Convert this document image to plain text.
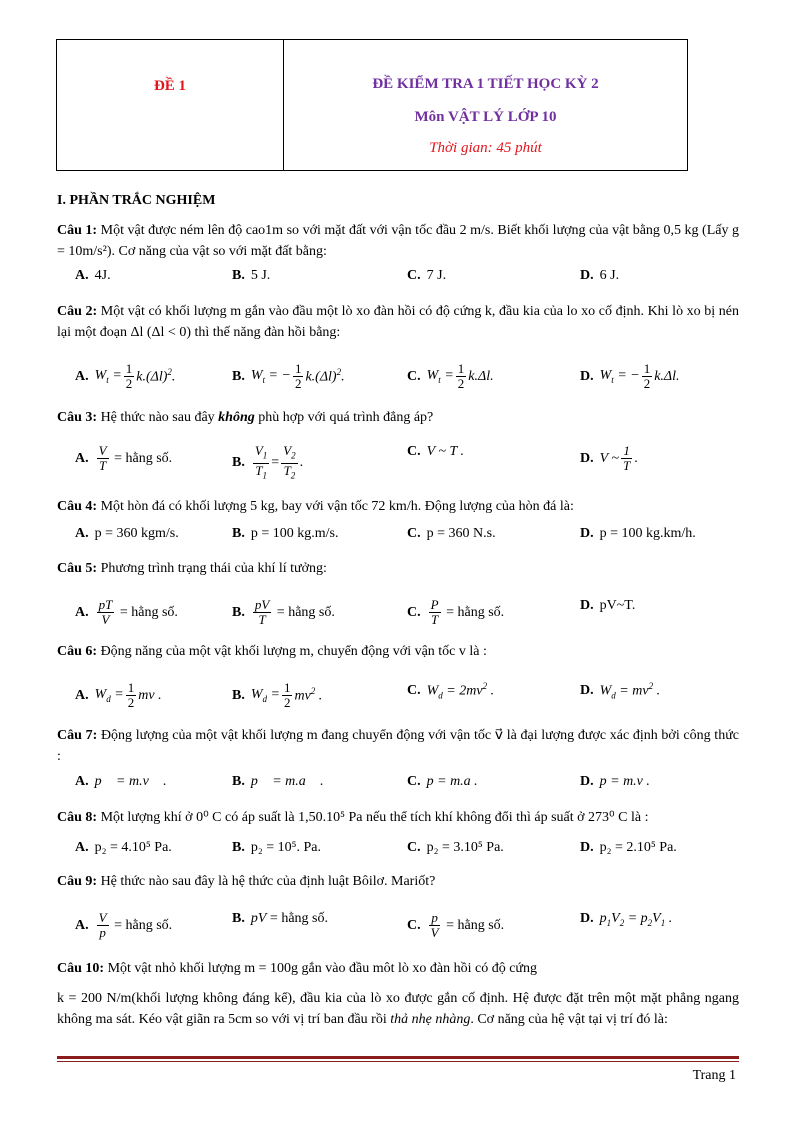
ĐỀ 1	ĐỀ KIỂM TRA 1 TIẾT HỌC KỲ 2
Môn VẬT LÝ LỚP 10
Thời gian: 45 phút
I. PHẦN TRẮC NGHIỆM
Câu 1: Một vật được ném lên độ cao1m so với mặt đất với vận tốc đầu 2 m/s. Biết khối lượng của vật bằng 0,5 kg (Lấy g = 10m/s²). Cơ năng của vật so với mặt đất bằng:
A. 4J.	B. 5 J.	C. 7 J.	D. 6 J.
Câu 2: Một vật có khối lượng m gắn vào đầu một lò xo đàn hồi có độ cứng k, đầu kia của lo xo cố định. Khi lò xo bị nén lại một đoạn Δl (Δl < 0) thì thế năng đàn hồi bằng:
A. $W_t = \frac{1}{2} k.(\Delta l)^2$.	B. $W_t$ = − $\frac{1}{2} k.(\Delta l)^2$.	C. $W_t = \frac{1}{2} k.\Delta l$.	D. $W_t$ = − $\frac{1}{2} k.\Delta l$.
Câu 3: Hệ thức nào sau đây không phù hợp với quá trình đẳng áp?
A. $\frac{V}{T}$ = hằng số.	B. $\frac{V_1}{T_1} = \frac{V_2}{T_2}$ .
C. V ~ T .	D. V ~ $\frac{1}{T}$ .
Câu 4: Một hòn đá có khối lượng 5 kg, bay với vận tốc 72 km/h. Động lượng của hòn đá là:
A. p = 360 kgm/s.	B. p = 100 kg.m/s.	C. p = 360 N.s.	D. p = 100 kg.km/h.
Câu 5: Phương trình trạng thái của khí lí tưởng:
A. $\frac{pT}{V}$ = hằng số.	B. $\frac{pV}{T}$ = hằng số.	C. $\frac{P}{T}$ = hằng số.	D. pV~T.
Câu 6: Động năng của một vật khối lượng m, chuyển động với vận tốc v là :
A. $W_d = \frac{1}{2}$ mv .	B. $W_d = \frac{1}{2} mv^2$ .	C. $W_d = 2mv^2$ .	D. $W_d = mv^2$ .
Câu 7: Động lượng của một vật khối lượng m đang chuyển động với vận tốc v⃗ là đại lượng được xác định bởi công thức :
A. p⃗ = m.v⃗ .	B. p⃗ = m.a⃗ .	C. p = m.a .	D. p = m.v .
Câu 8: Một lượng khí ở 0⁰ C có áp suất là 1,50.10⁵ Pa nếu thể tích khí không đổi thì áp suất ở 273⁰ C là :
A. p₂ = 4.10⁵ Pa.	B. p₂ = 10⁵. Pa.	C. p₂ = 3.10⁵ Pa.	D. p₂ = 2.10⁵ Pa.
Câu 9: Hệ thức nào sau đây là hệ thức của định luật Bôilơ. Mariốt?
A. $\frac{V}{p}$ = hằng số.	B. pV = hằng số.	C. $\frac{p}{V}$ = hằng số.	D. $p_1V_2 = p_2V_1$ .
Câu 10: Một vật nhỏ khối lượng m = 100g gắn vào đầu môt lò xo đàn hồi có độ cứng
k = 200 N/m(khối lượng không đáng kể), đầu kia của lò xo được gắn cố định. Hệ được đặt trên một mặt phẳng ngang không ma sát. Kéo vật giãn ra 5cm so với vị trí ban đầu rồi thả nhẹ nhàng. Cơ năng của hệ vật tại vị trí đó là:
Trang 1
